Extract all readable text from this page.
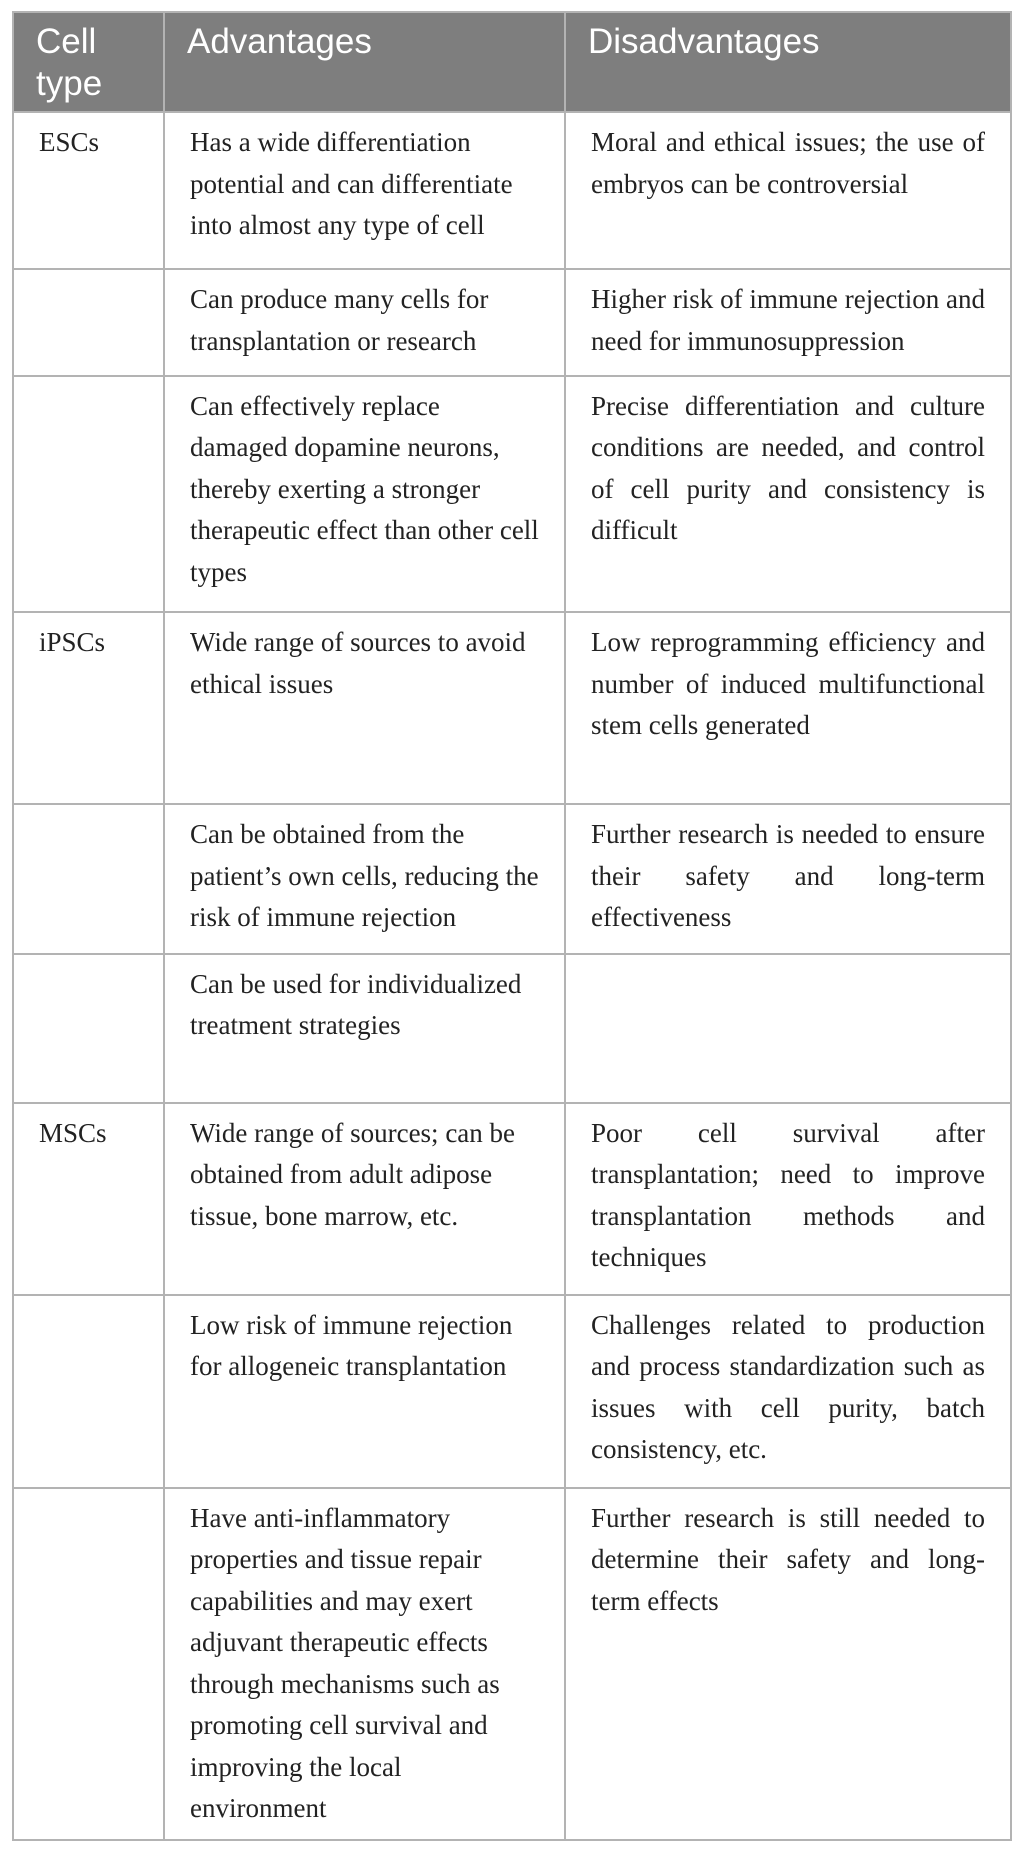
Cell type	Advantages	Disadvantages
ESCs	Has a wide differentiation potential and can differentiate into almost any type of cell	Moral and ethical issues; the use of embryos can be controversial
	Can produce many cells for transplantation or research	Higher risk of immune rejection and need for immunosuppression
	Can effectively replace damaged dopamine neurons, thereby exerting a stronger therapeutic effect than other cell types	Precise differentiation and culture conditions are needed, and control of cell purity and consistency is difficult
iPSCs	Wide range of sources to avoid ethical issues	Low reprogramming efficiency and number of induced multifunctional stem cells generated
	Can be obtained from the patient’s own cells, reducing the risk of immune rejection	Further research is needed to ensure their safety and long-term effectiveness
	Can be used for individualized treatment strategies	
MSCs	Wide range of sources; can be obtained from adult adipose tissue, bone marrow, etc.	Poor cell survival after transplantation; need to improve transplantation methods and techniques
	Low risk of immune rejection for allogeneic transplantation	Challenges related to production and process standardization such as issues with cell purity, batch consistency, etc.
	Have anti-inflammatory properties and tissue repair capabilities and may exert adjuvant therapeutic effects through mechanisms such as promoting cell survival and improving the local environment	Further research is still needed to determine their safety and long-term effects
